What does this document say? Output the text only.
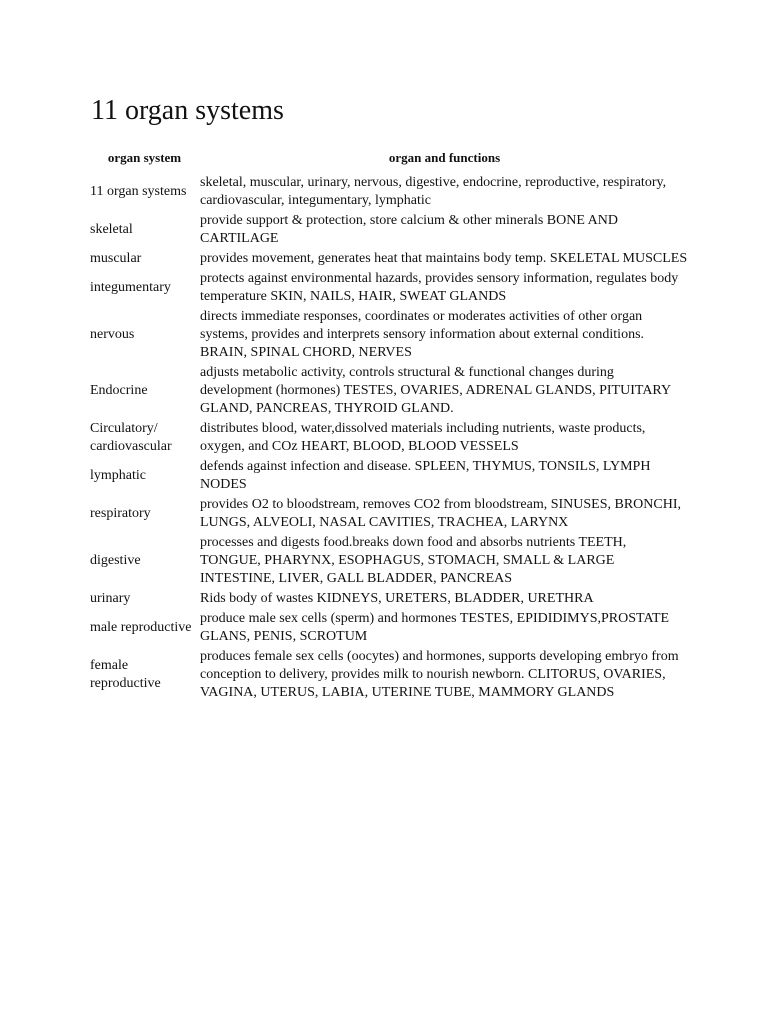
11 organ systems
organ system	organ and functions
11 organ systems	skeletal, muscular, urinary, nervous, digestive, endocrine, reproductive, respiratory, cardiovascular, integumentary, lymphatic
skeletal	provide support & protection, store calcium & other minerals BONE AND CARTILAGE
muscular	provides movement, generates heat that maintains body temp. SKELETAL MUSCLES
integumentary	protects against environmental hazards, provides sensory information, regulates body temperature SKIN, NAILS, HAIR, SWEAT GLANDS
nervous	directs immediate responses, coordinates or moderates activities of other organ systems, provides and interprets sensory information about external conditions. BRAIN, SPINAL CHORD, NERVES
Endocrine	adjusts metabolic activity, controls structural & functional changes during development (hormones) TESTES, OVARIES, ADRENAL GLANDS, PITUITARY GLAND, PANCREAS, THYROID GLAND.
Circulatory/ cardiovascular	distributes blood, water,dissolved materials including nutrients, waste products, oxygen, and COz HEART, BLOOD, BLOOD VESSELS
lymphatic	defends against infection and disease. SPLEEN, THYMUS, TONSILS, LYMPH NODES
respiratory	provides O2 to bloodstream, removes CO2 from bloodstream, SINUSES, BRONCHI, LUNGS, ALVEOLI, NASAL CAVITIES, TRACHEA, LARYNX
digestive	processes and digests food.breaks down food and absorbs nutrients TEETH, TONGUE, PHARYNX, ESOPHAGUS, STOMACH, SMALL & LARGE INTESTINE, LIVER, GALL BLADDER, PANCREAS
urinary	Rids body of wastes KIDNEYS, URETERS, BLADDER, URETHRA
male reproductive	produce male sex cells (sperm) and hormones TESTES, EPIDIDIMYS,PROSTATE GLANS, PENIS, SCROTUM
female reproductive	produces female sex cells (oocytes) and hormones, supports developing embryo from conception to delivery, provides milk to nourish newborn. CLITORUS, OVARIES, VAGINA, UTERUS, LABIA, UTERINE TUBE, MAMMORY GLANDS
